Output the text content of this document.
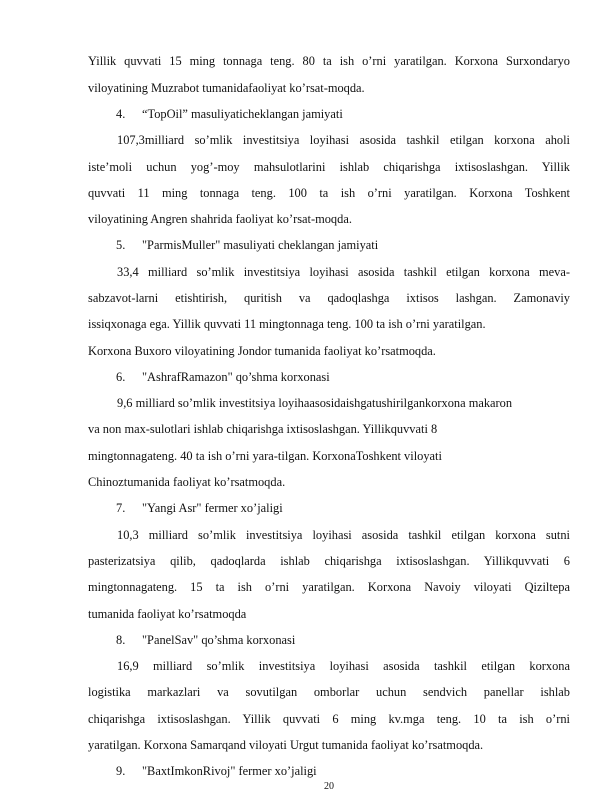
Yillik quvvati 15 ming tonnaga teng. 80 ta ish o’rni yaratilgan. Korxona Surxondaryo
viloyatining Muzrabot tumanidafaoliyat ko’rsat-moqda.
4. “TopOil” masuliyaticheklangan jamiyati
107,3milliard so’mlik investitsiya loyihasi asosida tashkil etilgan korxona aholi
iste’moli uchun yog’-moy mahsulotlarini ishlab chiqarishga ixtisoslashgan. Yillik
quvvati 11 ming tonnaga teng. 100 ta ish o’rni yaratilgan. Korxona Toshkent
viloyatining Angren shahrida faoliyat ko’rsat-moqda.
5. "ParmisMuller" masuliyati cheklangan jamiyati
33,4 milliard so’mlik investitsiya loyihasi asosida tashkil etilgan korxona meva-
sabzavot-larni etishtirish, quritish va qadoqlashga ixtisos lashgan. Zamonaviy
issiqxonaga ega. Yillik quvvati 11 mingtonnaga teng. 100 ta ish o’rni yaratilgan.
Korxona Buxoro viloyatining Jondor tumanida faoliyat ko’rsatmoqda.
6. "AshrafRamazon" qo’shma korxonasi
9,6 milliard so’mlik investitsiya loyihaasosidaishgatushirilgankorxona makaron
va non max-sulotlari ishlab chiqarishga ixtisoslashgan. Yillikquvvati 8
mingtonnagateng. 40 ta ish o’rni yara-tilgan. KorxonaToshkent viloyati
Chinoztumanida faoliyat ko’rsatmoqda.
7. "Yangi Asr" fermer xo’jaligi
10,3 milliard so’mlik investitsiya loyihasi asosida tashkil etilgan korxona sutni
pasterizatsiya qilib, qadoqlarda ishlab chiqarishga ixtisoslashgan. Yillikquvvati 6
mingtonnagateng. 15 ta ish o’rni yaratilgan. Korxona Navoiy viloyati Qiziltepa
tumanida faoliyat ko’rsatmoqda
8. "PanelSav" qo’shma korxonasi
16,9 milliard so’mlik investitsiya loyihasi asosida tashkil etilgan korxona
logistika markazlari va sovutilgan omborlar uchun sendvich panellar ishlab
chiqarishga ixtisoslashgan. Yillik quvvati 6 ming kv.mga teng. 10 ta ish o’rni
yaratilgan. Korxona Samarqand viloyati Urgut tumanida faoliyat ko’rsatmoqda.
9. "BaxtImkonRivoj" fermer xo’jaligi
20
